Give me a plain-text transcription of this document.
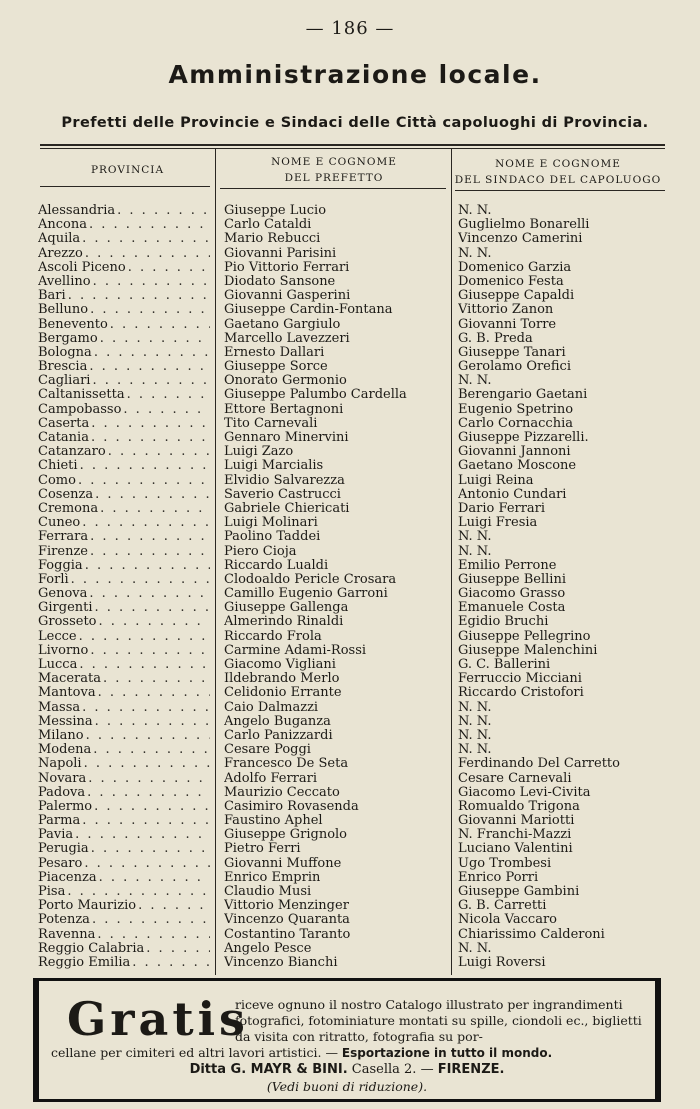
— 186 —
Amministrazione locale.
Prefetti delle Provincie e Sindaci delle Città capoluoghi di Provincia.
PROVINCIA
NOME E COGNOME
DEL PREFETTO
NOME E COGNOME
DEL SINDACO DEL CAPOLUOGO
Alessandria
. . .
Ancona
. . .
Aquila
. . .
Arezzo
. . .
Ascoli Piceno
. . .
Avellino
. . .
Bari
. . .
Belluno
. . .
Benevento
. . .
Bergamo
. . .
Bologna
. . .
Brescia
. . .
Cagliari
. . .
Caltanissetta
. . .
Campobasso
. . .
Caserta
. . .
Catania
. . .
Catanzaro
. . .
Chieti
. . .
Como
. . .
Cosenza
. . .
Cremona
. . .
Cuneo
. . .
Ferrara
. . .
Firenze
. . .
Foggia
. . .
Forlì
. . .
Genova
. . .
Girgenti
. . .
Grosseto
. . .
Lecce
. . .
Livorno
. . .
Lucca
. . .
Macerata
. . .
Mantova
. . .
Massa
. . .
Messina
. . .
Milano
. . .
Modena
. . .
Napoli
. . .
Novara
. . .
Padova
. . .
Palermo
. . .
Parma
. . .
Pavia
. . .
Perugia
. . .
Pesaro
. . .
Piacenza
. . .
Pisa
. . .
Porto Maurizio
. . .
Potenza
. . .
Ravenna
. . .
Reggio Calabria
. . .
Reggio Emilia
. . .
Giuseppe Lucio
Carlo Cataldi
Mario Rebucci
Giovanni Parisini
Pio Vittorio Ferrari
Diodato Sansone
Giovanni Gasperini
Giuseppe Cardin-Fontana
Gaetano Gargiulo
Marcello Lavezzeri
Ernesto Dallari
Giuseppe Sorce
Onorato Germonio
Giuseppe Palumbo Cardella
Ettore Bertagnoni
Tito Carnevali
Gennaro Minervini
Luigi Zazo
Luigi Marcialis
Elvidio Salvarezza
Saverio Castrucci
Gabriele Chiericati
Luigi Molinari
Paolino Taddei
Piero Cioja
Riccardo Lualdi
Clodoaldo Pericle Crosara
Camillo Eugenio Garroni
Giuseppe Gallenga
Almerindo Rinaldi
Riccardo Frola
Carmine Adami-Rossi
Giacomo Vigliani
Ildebrando Merlo
Celidonio Errante
Caio Dalmazzi
Angelo Buganza
Carlo Panizzardi
Cesare Poggi
Francesco De Seta
Adolfo Ferrari
Maurizio Ceccato
Casimiro Rovasenda
Faustino Aphel
Giuseppe Grignolo
Pietro Ferri
Giovanni Muffone
Enrico Emprin
Claudio Musi
Vittorio Menzinger
Vincenzo Quaranta
Costantino Taranto
Angelo Pesce
Vincenzo Bianchi
N. N.
Guglielmo Bonarelli
Vincenzo Camerini
N. N.
Domenico Garzia
Domenico Festa
Giuseppe Capaldi
Vittorio Zanon
Giovanni Torre
G. B. Preda
Giuseppe Tanari
Gerolamo Orefici
N. N.
Berengario Gaetani
Eugenio Spetrino
Carlo Cornacchia
Giuseppe Pizzarelli.
Giovanni Jannoni
Gaetano Moscone
Luigi Reina
Antonio Cundari
Dario Ferrari
Luigi Fresia
N. N.
N. N.
Emilio Perrone
Giuseppe Bellini
Giacomo Grasso
Emanuele Costa
Egidio Bruchi
Giuseppe Pellegrino
Giuseppe Malenchini
G. C. Ballerini
Ferruccio Micciani
Riccardo Cristofori
N. N.
N. N.
N. N.
N. N.
Ferdinando Del Carretto
Cesare Carnevali
Giacomo Levi-Civita
Romualdo Trigona
Giovanni Mariotti
N. Franchi-Mazzi
Luciano Valentini
Ugo Trombesi
Enrico Porri
Giuseppe Gambini
G. B. Carretti
Nicola Vaccaro
Chiarissimo Calderoni
N. N.
Luigi Roversi
Gratis
riceve ognuno il nostro Catalogo illustrato per ingrandimenti fotografici, fotominiature montati su spille, ciondoli ec., biglietti da visita con ritratto, fotografia su por-
cellane per cimiteri ed altri lavori artistici. — Esportazione in tutto il mondo.
Ditta G. MAYR & BINI. Casella 2. — FIRENZE.
(Vedi buoni di riduzione).
